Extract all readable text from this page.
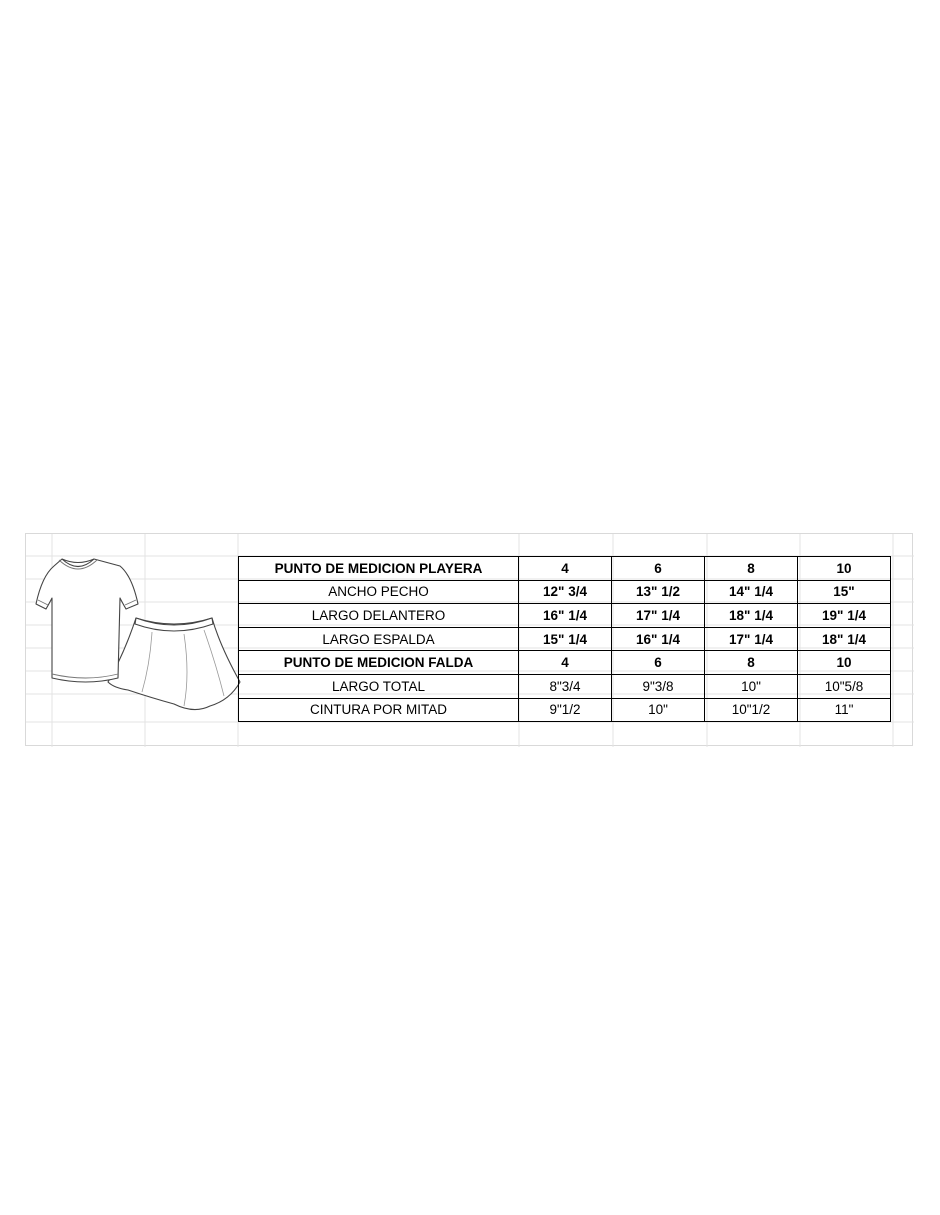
PUNTO DE MEDICION PLAYERA	4	6	8	10
ANCHO PECHO	12" 3/4	13" 1/2	14" 1/4	15"
LARGO DELANTERO	16" 1/4	17" 1/4	18" 1/4	19" 1/4
LARGO ESPALDA	15" 1/4	16" 1/4	17" 1/4	18" 1/4
PUNTO DE MEDICION FALDA	4	6	8	10
LARGO TOTAL	8"3/4	9"3/8	10"	10"5/8
CINTURA POR MITAD	9"1/2	10"	10"1/2	11"
